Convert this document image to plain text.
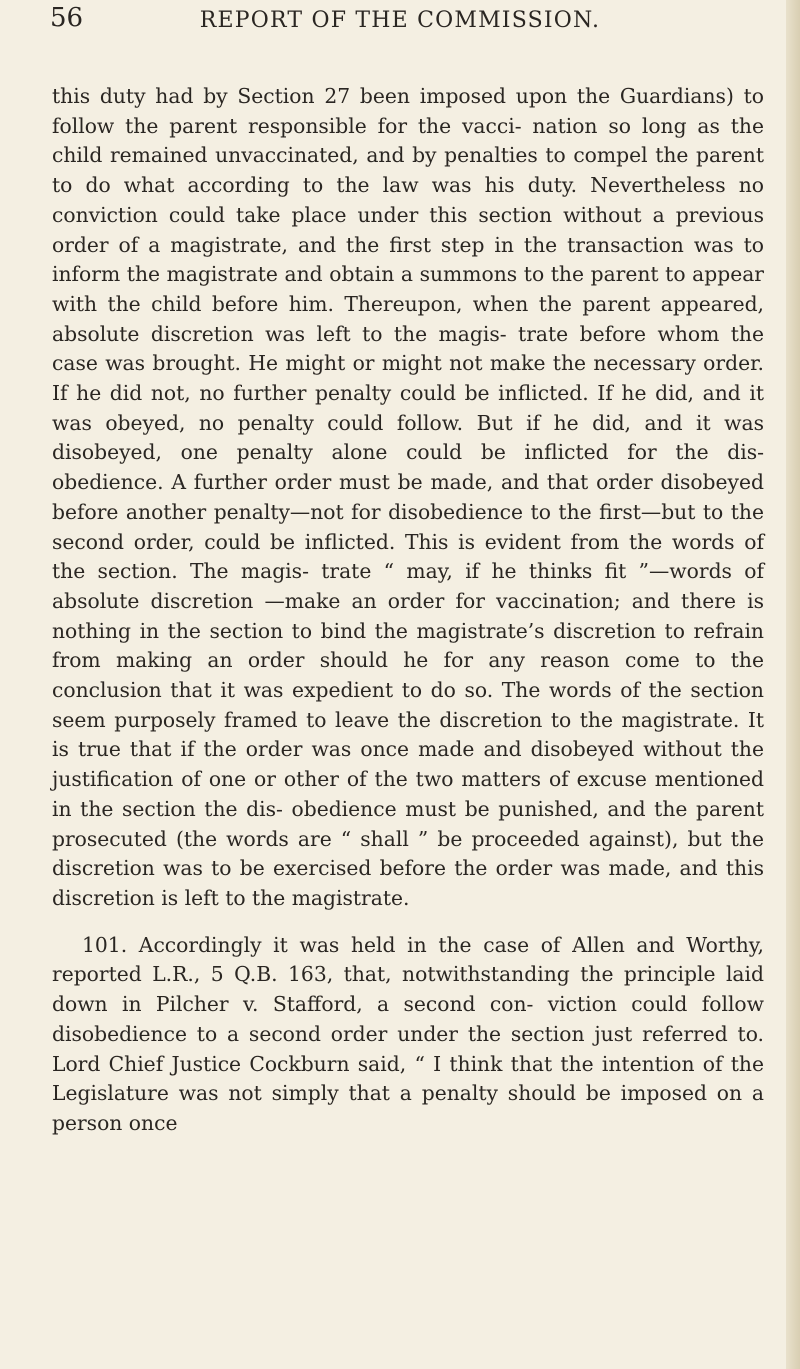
56	REPORT OF THE COMMISSION.

this duty had by Section 27 been imposed upon the Guardians) to follow the parent responsible for the vacci- nation so long as the child remained unvaccinated, and by penalties to compel the parent to do what according to the law was his duty. Nevertheless no conviction could take place under this section without a previous order of a magistrate, and the first step in the transaction was to inform the magistrate and obtain a summons to the parent to appear with the child before him. Thereupon, when the parent appeared, absolute discretion was left to the magis- trate before whom the case was brought. He might or might not make the necessary order. If he did not, no further penalty could be inflicted. If he did, and it was obeyed, no penalty could follow. But if he did, and it was disobeyed, one penalty alone could be inflicted for the dis- obedience. A further order must be made, and that order disobeyed before another penalty—not for disobedience to the first—but to the second order, could be inflicted. This is evident from the words of the section. The magis- trate “ may, if he thinks fit ”—words of absolute discretion —make an order for vaccination; and there is nothing in the section to bind the magistrate’s discretion to refrain from making an order should he for any reason come to the conclusion that it was expedient to do so. The words of the section seem purposely framed to leave the discretion to the magistrate. It is true that if the order was once made and disobeyed without the justification of one or other of the two matters of excuse mentioned in the section the dis- obedience must be punished, and the parent prosecuted (the words are “ shall ” be proceeded against), but the discretion was to be exercised before the order was made, and this discretion is left to the magistrate.

101. Accordingly it was held in the case of Allen and Worthy, reported L.R., 5 Q.B. 163, that, notwithstanding the principle laid down in Pilcher v. Stafford, a second con- viction could follow disobedience to a second order under the section just referred to. Lord Chief Justice Cockburn said, “ I think that the intention of the Legislature was not simply that a penalty should be imposed on a person once
